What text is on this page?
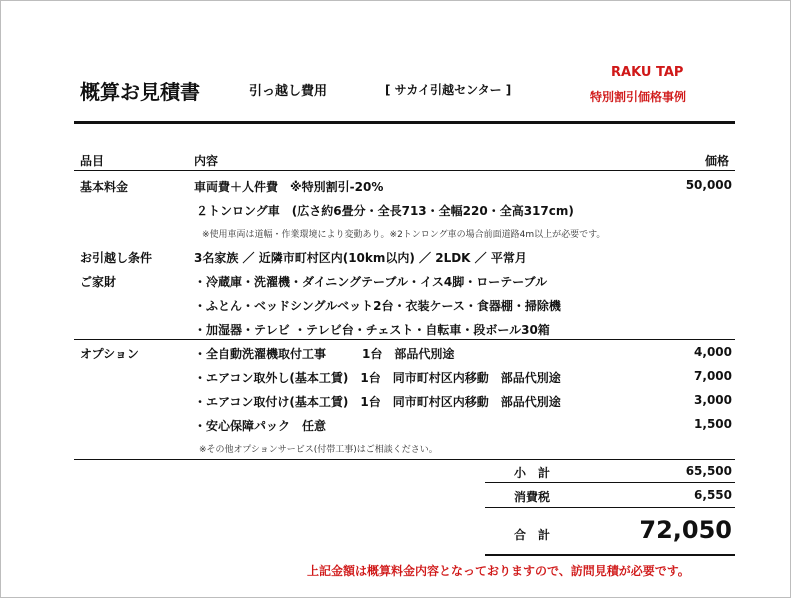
概算お見積書	引っ越し費用	[ サカイ引越センター ]
RAKU TAP
特別割引価格事例
品目	内容	価格
基本料金	車両費＋人件費　※特別割引-20%	50,000
２トンロング車　(広さ約6畳分・全長713・全幅220・全高317cm)
※使用車両は道幅・作業環境により変動あり。※2トンロング車の場合前面道路4m以上が必要です。
お引越し条件	3名家族 ／ 近隣市町村区内(10km以内) ／ 2LDK ／ 平常月
ご家財	・冷蔵庫・洗濯機・ダイニングテーブル・イス4脚・ローテーブル
・ふとん・ベッドシングルベット2台・衣装ケース・食器棚・掃除機
・加湿器・テレビ ・テレビ台・チェスト・自転車・段ボール30箱
オプション	・全自動洗濯機取付工事　　　1台　部品代別途	4,000
・エアコン取外し(基本工賃)　1台　同市町村区内移動　部品代別途	7,000
・エアコン取付け(基本工賃)　1台　同市町村区内移動　部品代別途	3,000
・安心保障パック　任意	1,500
※その他オプションサービス(付帯工事)はご相談ください。
小　計	65,500
消費税	6,550
合　計	72,050
上記金額は概算料金内容となっておりますので、訪問見積が必要です。
